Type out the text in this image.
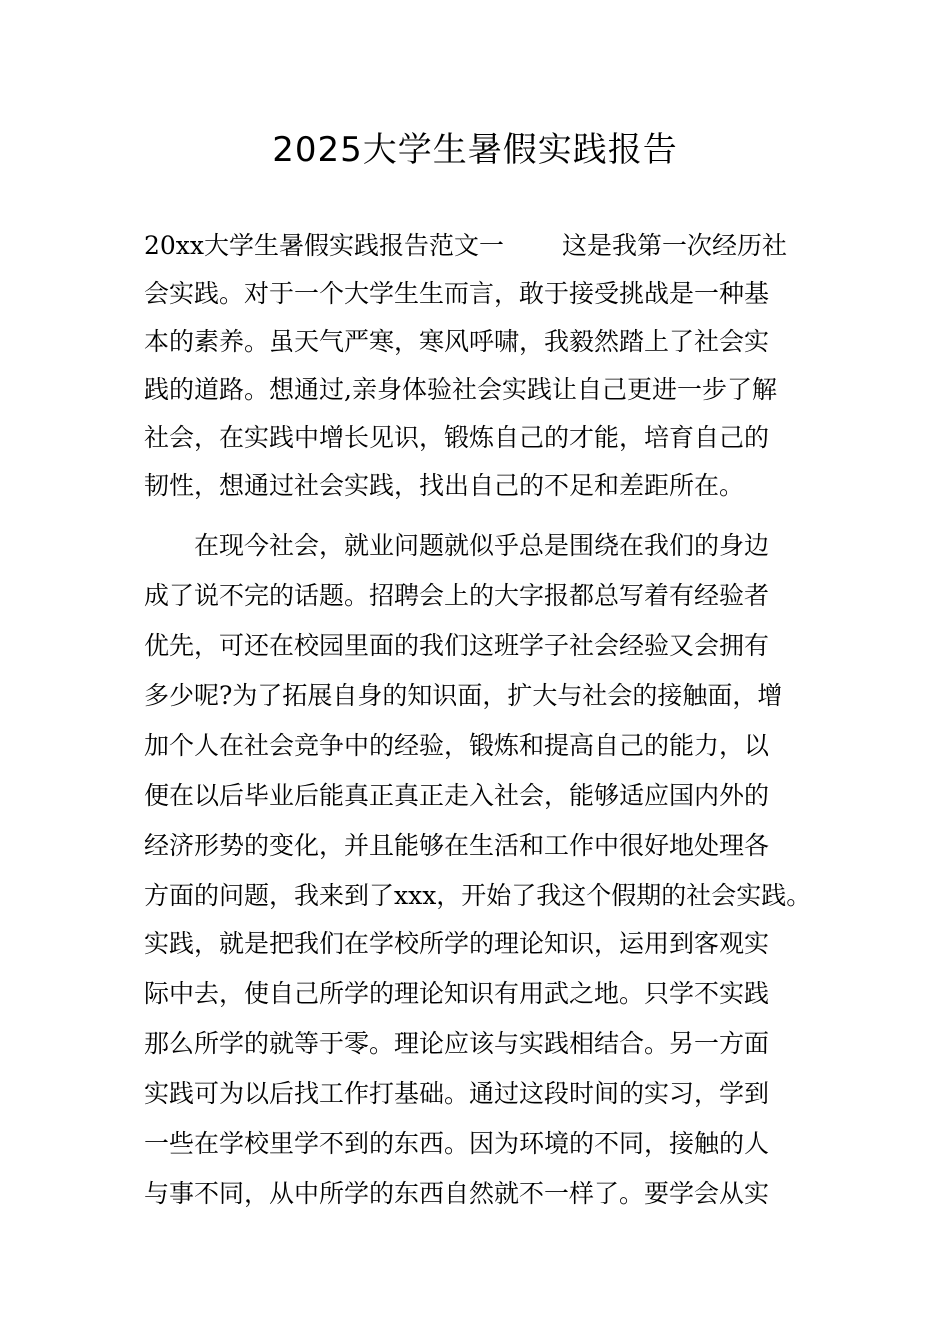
2025大学生暑假实践报告
20xx大学生暑假实践报告范文一 这是我第一次经历社
会实践。对于一个大学生生而言，敢于接受挑战是一种基
本的素养。虽天气严寒，寒风呼啸，我毅然踏上了社会实
践的道路。想通过,亲身体验社会实践让自己更进一步了解
社会，在实践中增长见识，锻炼自己的才能，培育自己的
韧性，想通过社会实践，找出自己的不足和差距所在。
　　在现今社会，就业问题就似乎总是围绕在我们的身边
成了说不完的话题。招聘会上的大字报都总写着有经验者
优先，可还在校园里面的我们这班学子社会经验又会拥有
多少呢?为了拓展自身的知识面，扩大与社会的接触面，增
加个人在社会竞争中的经验，锻炼和提高自己的能力，以
便在以后毕业后能真正真正走入社会，能够适应国内外的
经济形势的变化，并且能够在生活和工作中很好地处理各
方面的问题，我来到了xxx，开始了我这个假期的社会实践。
实践，就是把我们在学校所学的理论知识，运用到客观实
际中去，使自己所学的理论知识有用武之地。只学不实践
那么所学的就等于零。理论应该与实践相结合。另一方面
实践可为以后找工作打基础。通过这段时间的实习，学到
一些在学校里学不到的东西。因为环境的不同，接触的人
与事不同，从中所学的东西自然就不一样了。要学会从实
